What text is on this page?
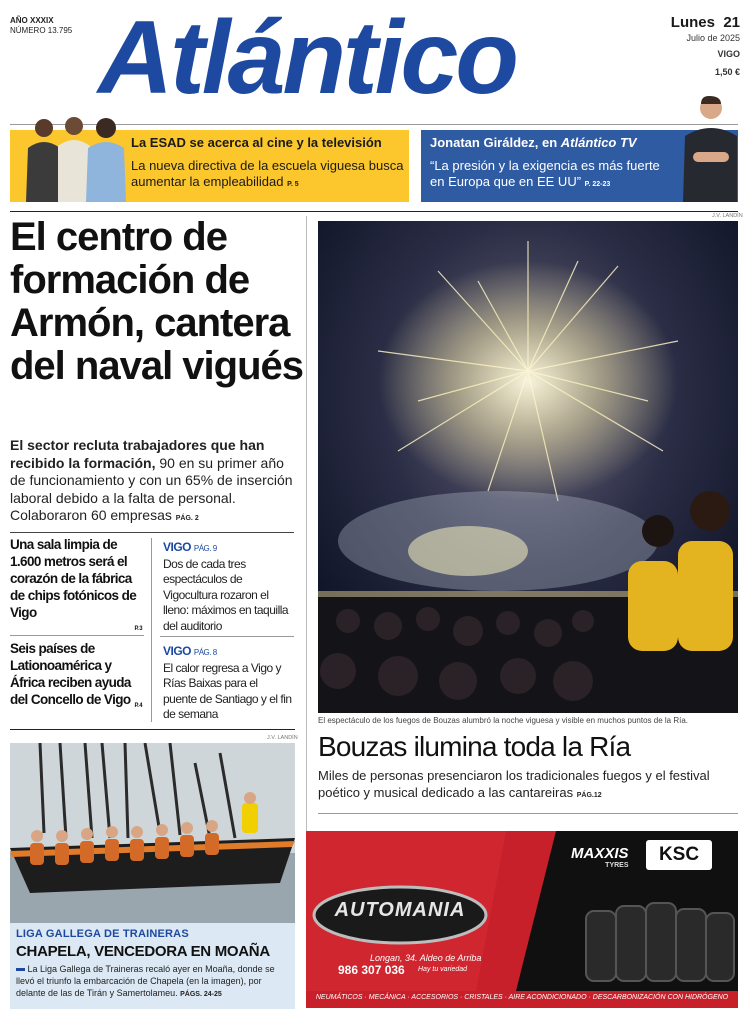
AÑO XXXIX
NÚMERO 13.795 Atlántico	Lunes 21
Julio de 2025
VIGO
1,50 €
La ESAD se acerca al cine y la televisión
La nueva directiva de la escuela viguesa busca aumentar la empleabilidad P. 5
Jonatan Giráldez, en Atlántico TV
“La presión y la exigencia es más fuerte en Europa que en EE UU” P. 22-23
J.V. LANDÍN
El centro de formación de Armón, cantera del naval vigués
El sector recluta trabajadores que han recibido la formación, 90 en su primer año de funcionamiento y con un 65% de inserción laboral debido a la falta de personal. Colaboraron 60 empresas PÁG. 2
Una sala limpia de 1.600 metros será el corazón de la fábrica de chips fotónicos de Vigo
P. 3
Seis países de Lationoamérica y África reciben ayuda del Concello de Vigo P. 4
VIGO PÁG. 9
Dos de cada tres espectáculos de Vigocultura rozaron el lleno: máximos en taquilla del auditorio
VIGO PÁG. 8
El calor regresa a Vigo y Rías Baixas para el puente de Santiago y el fin de semana	El espectáculo de los fuegos de Bouzas alumbró la noche viguesa y visible en muchos puntos de la Ría.
Bouzas ilumina toda la Ría
Miles de personas presenciaron los tradicionales fuegos y el festival poético y musical dedicado a las cantareiras PÁG.12
J.V. LANDÍN
LIGA GALLEGA DE TRAINERAS
CHAPELA, VENCEDORA EN MOAÑA
La Liga Gallega de Traineras recaló ayer en Moaña, donde se llevó el triunfo la embarcación de Chapela (en la imagen), por delante de las de Tirán y Samertolameu. PÁGS. 24-25
AUTOMANIA
MAXXIS
TYRES
KSC
Longan, 34. Aldeo de Arriba
986 307 036 Hay tu variedad
NEUMÁTICOS · MECÁNICA · ACCESORIOS · CRISTALES · AIRE ACONDICIONADO · DESCARBONIZACIÓN CON HIDRÓGENO
